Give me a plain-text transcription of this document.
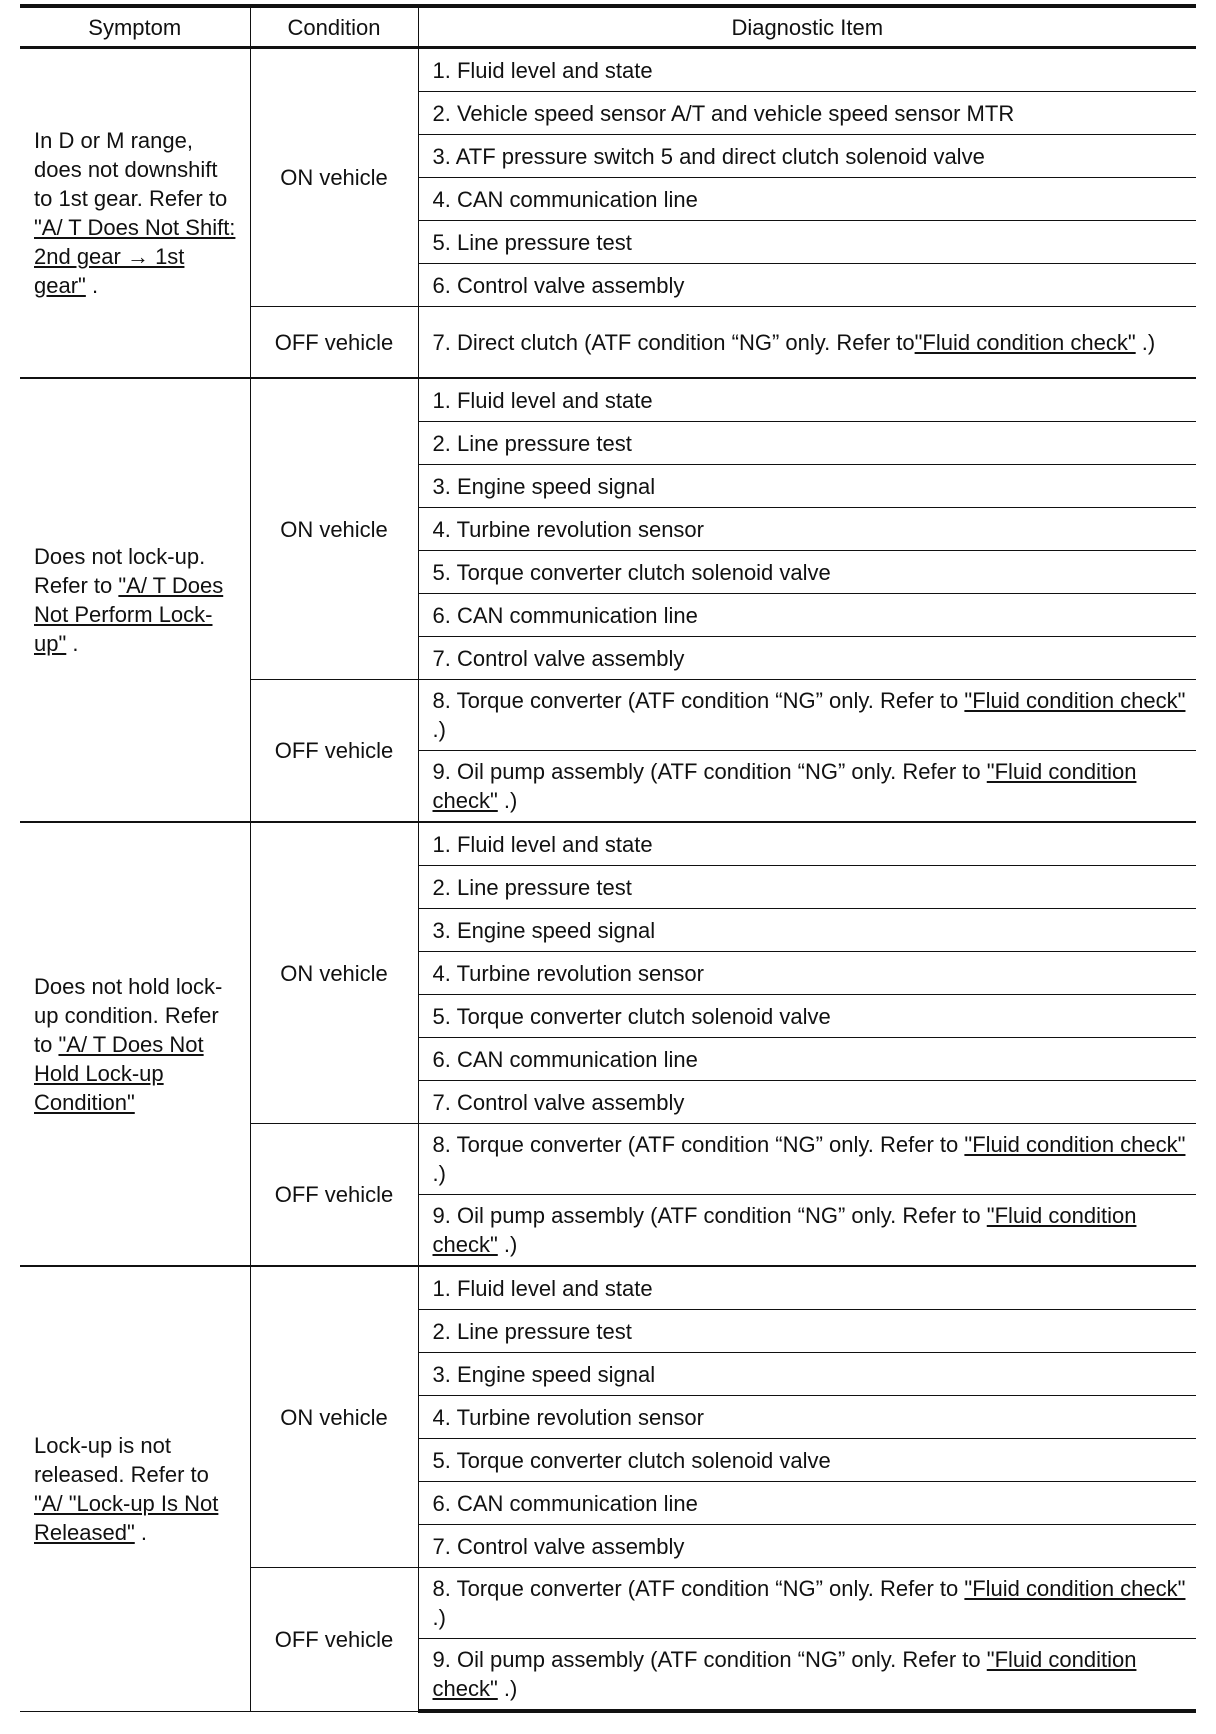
Symptom	Condition	Diagnostic Item
In D or M range, does not downshift to 1st gear. Refer to "A/ T Does Not Shift: 2nd gear → 1st gear" .	ON vehicle	1. Fluid level and state
		2. Vehicle speed sensor A/T and vehicle speed sensor MTR
		3. ATF pressure switch 5 and direct clutch solenoid valve
		4. CAN communication line
		5. Line pressure test
		6. Control valve assembly
	OFF vehicle	7. Direct clutch (ATF condition “NG” only. Refer to"Fluid condition check" .)
Does not lock-up. Refer to "A/ T Does Not Perform Lock-up" .	ON vehicle	1. Fluid level and state
		2. Line pressure test
		3. Engine speed signal
		4. Turbine revolution sensor
		5. Torque converter clutch solenoid valve
		6. CAN communication line
		7. Control valve assembly
	OFF vehicle	8. Torque converter (ATF condition “NG” only. Refer to "Fluid condition check" .)
		9. Oil pump assembly (ATF condition “NG” only. Refer to "Fluid condition check" .)
Does not hold lock-up condition. Refer to "A/ T Does Not Hold Lock-up Condition"	ON vehicle	1. Fluid level and state
		2. Line pressure test
		3. Engine speed signal
		4. Turbine revolution sensor
		5. Torque converter clutch solenoid valve
		6. CAN communication line
		7. Control valve assembly
	OFF vehicle	8. Torque converter (ATF condition “NG” only. Refer to "Fluid condition check" .)
		9. Oil pump assembly (ATF condition “NG” only. Refer to "Fluid condition check" .)
Lock-up is not released. Refer to "A/ "Lock-up Is Not Released" .	ON vehicle	1. Fluid level and state
		2. Line pressure test
		3. Engine speed signal
		4. Turbine revolution sensor
		5. Torque converter clutch solenoid valve
		6. CAN communication line
		7. Control valve assembly
	OFF vehicle	8. Torque converter (ATF condition “NG” only. Refer to "Fluid condition check" .)
		9. Oil pump assembly (ATF condition “NG” only. Refer to "Fluid condition check" .)
